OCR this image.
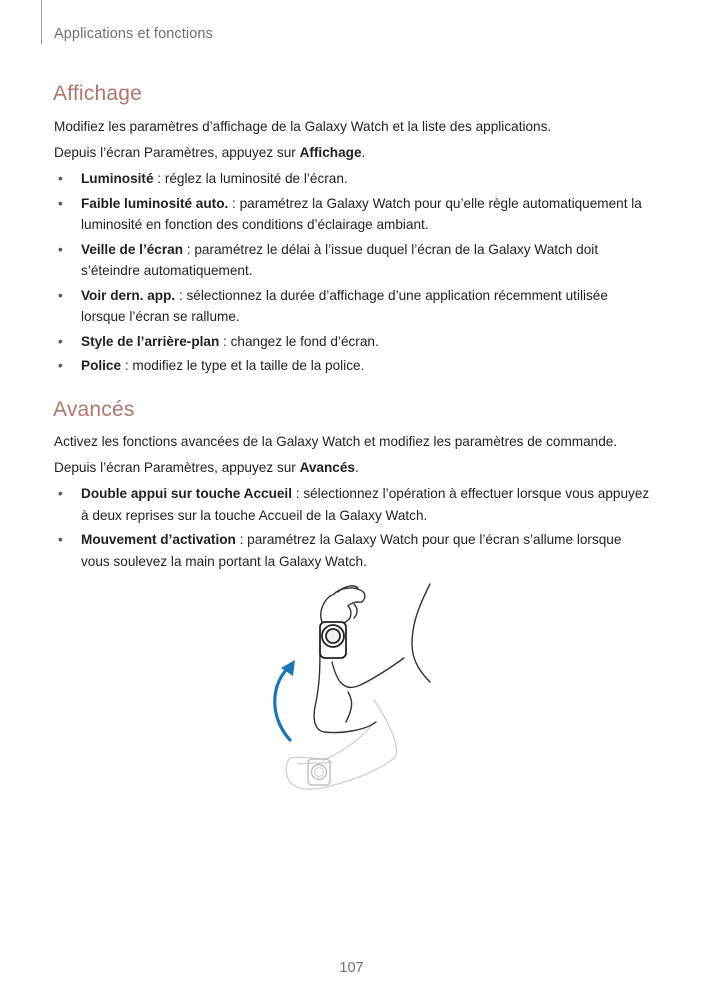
Applications et fonctions
Affichage

Modifiez les paramètres d’affichage de la Galaxy Watch et la liste des applications.

Depuis l’écran Paramètres, appuyez sur Affichage.

• Luminosité : réglez la luminosité de l’écran.
• Faible luminosité auto. : paramétrez la Galaxy Watch pour qu’elle règle automatiquement la luminosité en fonction des conditions d’éclairage ambiant.
• Veille de l’écran : paramétrez le délai à l’issue duquel l’écran de la Galaxy Watch doit s’éteindre automatiquement.
• Voir dern. app. : sélectionnez la durée d’affichage d’une application récemment utilisée lorsque l’écran se rallume.
• Style de l’arrière-plan : changez le fond d’écran.
• Police : modifiez le type et la taille de la police.
Avancés

Activez les fonctions avancées de la Galaxy Watch et modifiez les paramètres de commande.

Depuis l’écran Paramètres, appuyez sur Avancés.

• Double appui sur touche Accueil : sélectionnez l’opération à effectuer lorsque vous appuyez à deux reprises sur la touche Accueil de la Galaxy Watch.
• Mouvement d’activation : paramétrez la Galaxy Watch pour que l’écran s’allume lorsque vous soulevez la main portant la Galaxy Watch.
107
